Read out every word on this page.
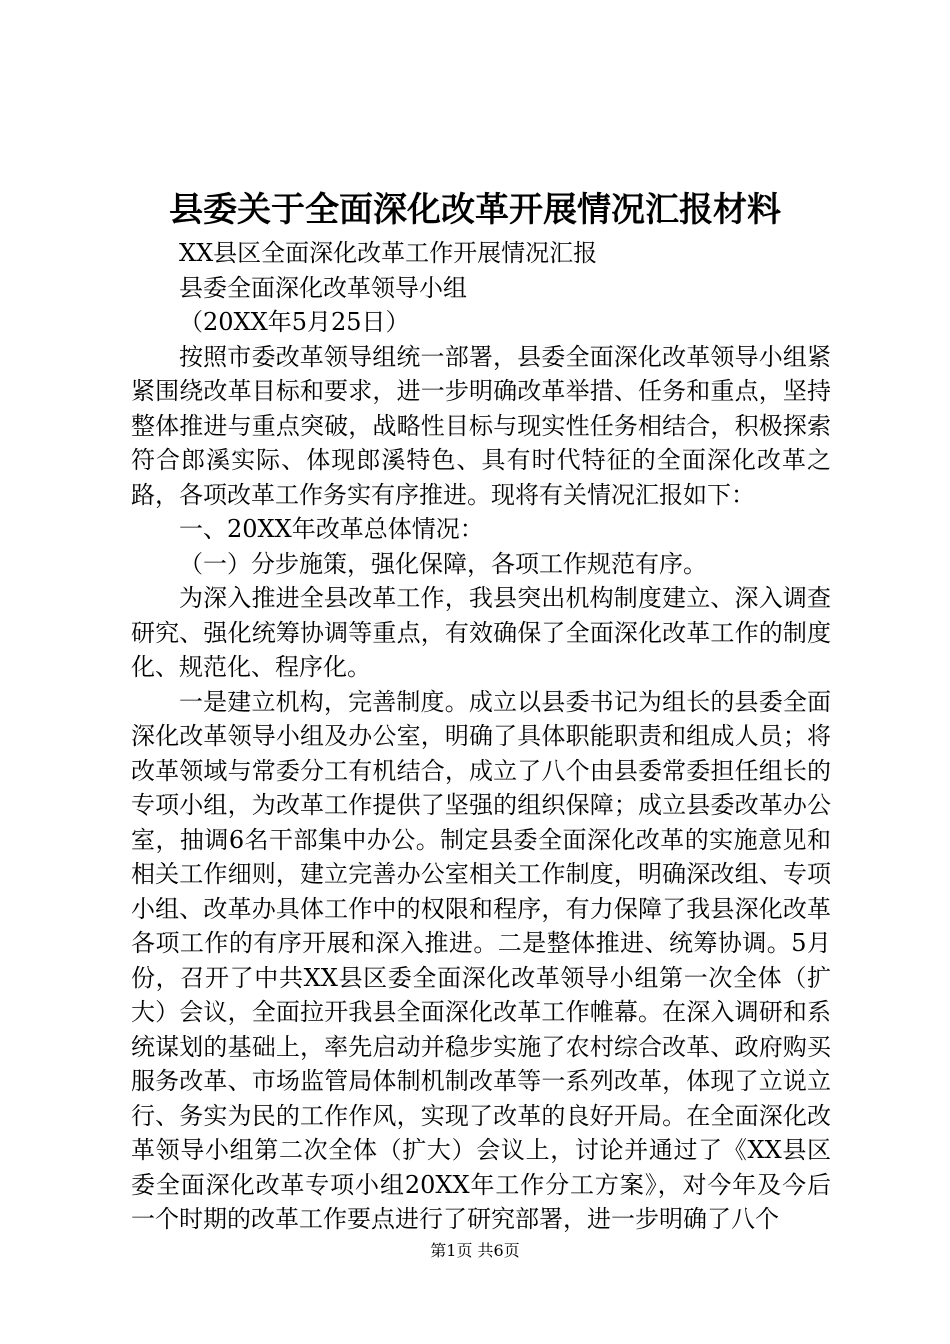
县委关于全面深化改革开展情况汇报材料

XX县区全面深化改革工作开展情况汇报

县委全面深化改革领导小组

（20XX年5月25日）

按照市委改革领导组统一部署，县委全面深化改革领导小组紧紧围绕改革目标和要求，进一步明确改革举措、任务和重点，坚持整体推进与重点突破，战略性目标与现实性任务相结合，积极探索符合郎溪实际、体现郎溪特色、具有时代特征的全面深化改革之路，各项改革工作务实有序推进。现将有关情况汇报如下：

一、20XX年改革总体情况：

（一）分步施策，强化保障，各项工作规范有序。

为深入推进全县改革工作，我县突出机构制度建立、深入调查研究、强化统筹协调等重点，有效确保了全面深化改革工作的制度化、规范化、程序化。

一是建立机构，完善制度。成立以县委书记为组长的县委全面深化改革领导小组及办公室，明确了具体职能职责和组成人员；将改革领域与常委分工有机结合，成立了八个由县委常委担任组长的专项小组，为改革工作提供了坚强的组织保障；成立县委改革办公室，抽调6名干部集中办公。制定县委全面深化改革的实施意见和相关工作细则，建立完善办公室相关工作制度，明确深改组、专项小组、改革办具体工作中的权限和程序，有力保障了我县深化改革各项工作的有序开展和深入推进。二是整体推进、统筹协调。5月份，召开了中共XX县区委全面深化改革领导小组第一次全体（扩大）会议，全面拉开我县全面深化改革工作帷幕。在深入调研和系统谋划的基础上，率先启动并稳步实施了农村综合改革、政府购买服务改革、市场监管局体制机制改革等一系列改革，体现了立说立行、务实为民的工作作风，实现了改革的良好开局。在全面深化改革领导小组第二次全体（扩大）会议上，讨论并通过了《XX县区委全面深化改革专项小组20XX年工作分工方案》，对今年及今后一个时期的改革工作要点进行了研究部署，进一步明确了八个

第1页 共6页
